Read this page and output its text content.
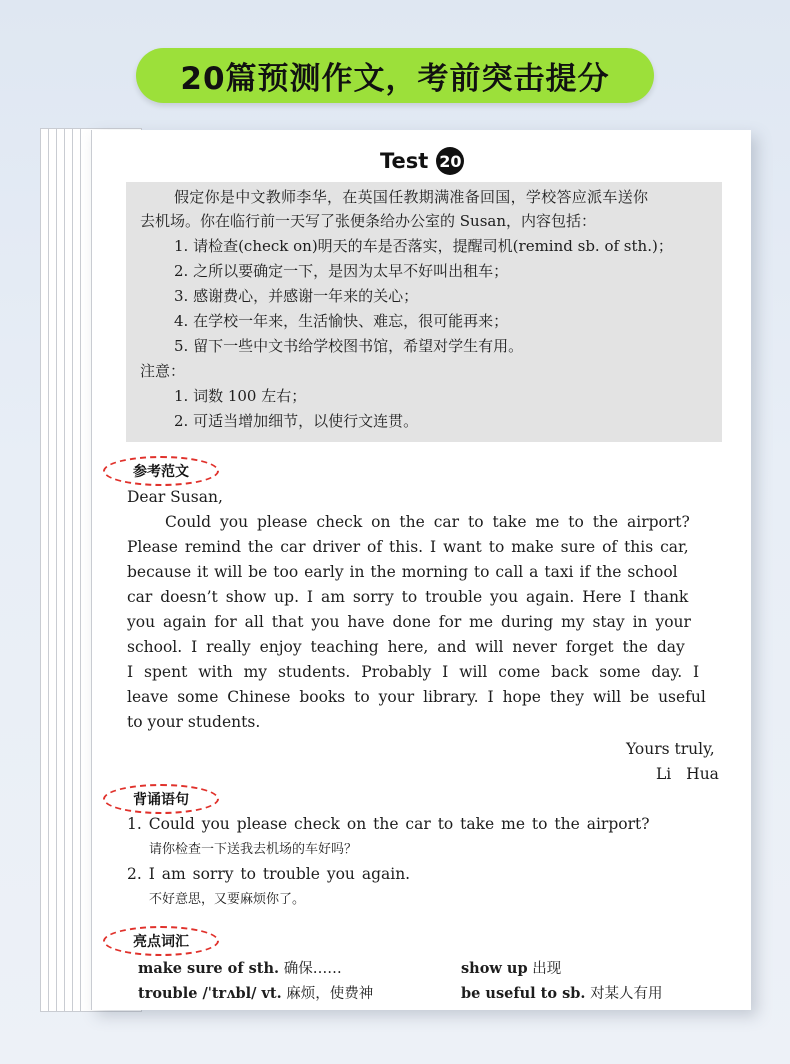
20篇预测作文，考前突击提分
Test 20
假定你是中文教师李华，在英国任教期满准备回国，学校答应派车送你
去机场。你在临行前一天写了张便条给办公室的 Susan，内容包括：
1. 请检查(check on)明天的车是否落实，提醒司机(remind sb. of sth.)；
2. 之所以要确定一下，是因为太早不好叫出租车；
3. 感谢费心，并感谢一年来的关心；
4. 在学校一年来，生活愉快、难忘，很可能再来；
5. 留下一些中文书给学校图书馆，希望对学生有用。
注意：
1. 词数 100 左右；
2. 可适当增加细节，以使行文连贯。
参考范文
Dear Susan,
Could you please check on the car to take me to the airport?
Please remind the car driver of this. I want to make sure of this car,
because it will be too early in the morning to call a taxi if the school
car doesn’t show up. I am sorry to trouble you again. Here I thank
you again for all that you have done for me during my stay in your
school. I really enjoy teaching here, and will never forget the day
I spent with my students. Probably I will come back some day. I
leave some Chinese books to your library. I hope they will be useful
to your students.
Yours truly,
Li Hua
背诵语句
1. Could you please check on the car to take me to the airport?
请你检查一下送我去机场的车好吗？
2. I am sorry to trouble you again.
不好意思，又要麻烦你了。
亮点词汇
make sure of sth. 确保……	show up 出现
trouble /ˈtrʌbl/ vt. 麻烦，使费神	be useful to sb. 对某人有用
